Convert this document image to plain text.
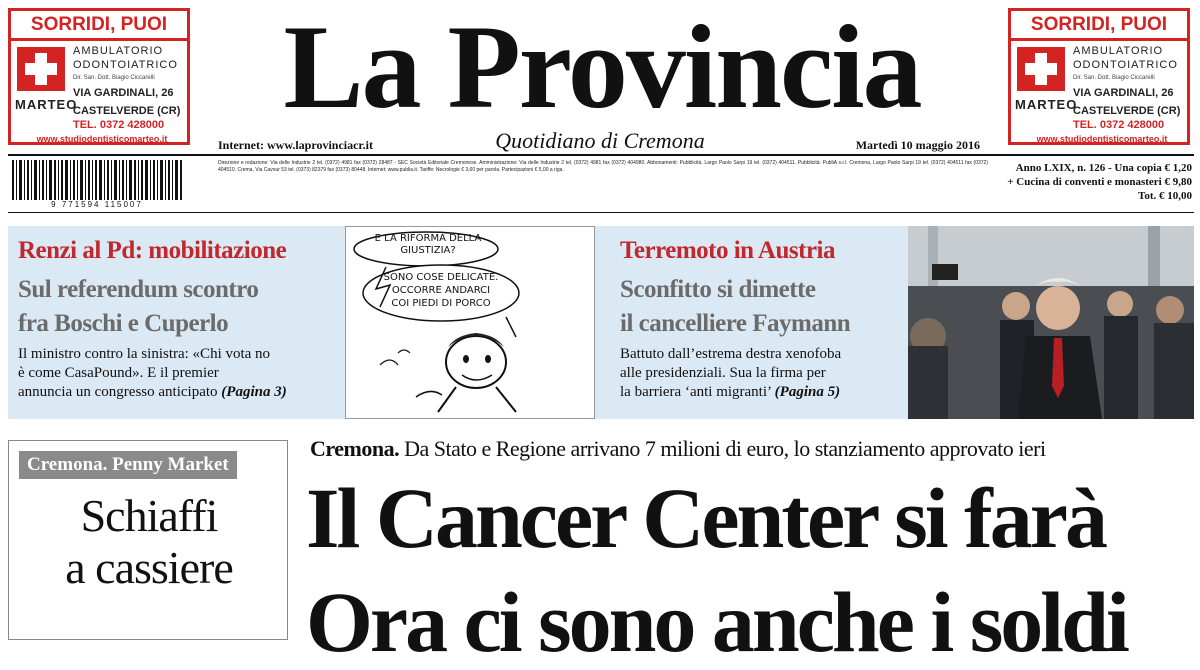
SORRIDI, PUOI
MARTEO
AMBULATORIO
ODONTOIATRICO
Dir. San. Dott. Biagio Ciccarelli
VIA GARDINALI, 26
CASTELVERDE (CR)
TEL. 0372 428000
www.studiodentisticomarteo.it
SORRIDI, PUOI
MARTEO
AMBULATORIO
ODONTOIATRICO
Dir. San. Dott. Biagio Ciccarelli
VIA GARDINALI, 26
CASTELVERDE (CR)
TEL. 0372 428000
www.studiodentisticomarteo.it
La Provincia
Internet: www.laprovinciacr.it	Quotidiano di Cremona	Martedì 10 maggio 2016
9 771594 115007
Direzione e redazione: Via delle Industrie 2 tel. (0372) 4981 fax (0372) 28487 - SEC Società Editoriale Cremonese. Amministrazione: Via delle Industrie 2 tel. (0372) 4981 fax (0372) 404980. Abbonamenti: Pubblicità, Largo Paolo Sarpi 19 tel. (0372) 404511. Pubblicità: PubliA s.r.l. Cremona, Largo Paolo Sarpi 19 tel. (0372) 404511 fax (0372) 404510. Crema, Via Cavour 53 tel. (0373) 82379 fax (0373) 80448. Internet: www.publia.it. Tariffe: Necrologie € 3,60 per parola. Partecipazioni € 5,00 a riga.	Anno LXIX, n. 126 - Una copia € 1,20
+ Cucina di conventi e monasteri € 9,80
Tot. € 10,00
Renzi al Pd: mobilitazione
Sul referendum scontro
fra Boschi e Cuperlo
Il ministro contro la sinistra: «Chi vota no
è come CasaPound». E il premier
annuncia un congresso anticipato (Pagina 3)
E LA RIFORMA DELLA
GIUSTIZIA?
SONO COSE DELICATE.
OCCORRE ANDARCI
COI PIEDI DI PORCO
Terremoto in Austria
Sconfitto si dimette
il cancelliere Faymann
Battuto dall’estrema destra xenofoba
alle presidenziali. Sua la firma per
la barriera ‘anti migranti’ (Pagina 5)
Cremona. Penny Market
Schiaffi
a cassiere
Cremona. Da Stato e Regione arrivano 7 milioni di euro, lo stanziamento approvato ieri
Il Cancer Center si farà
Ora ci sono anche i soldi
